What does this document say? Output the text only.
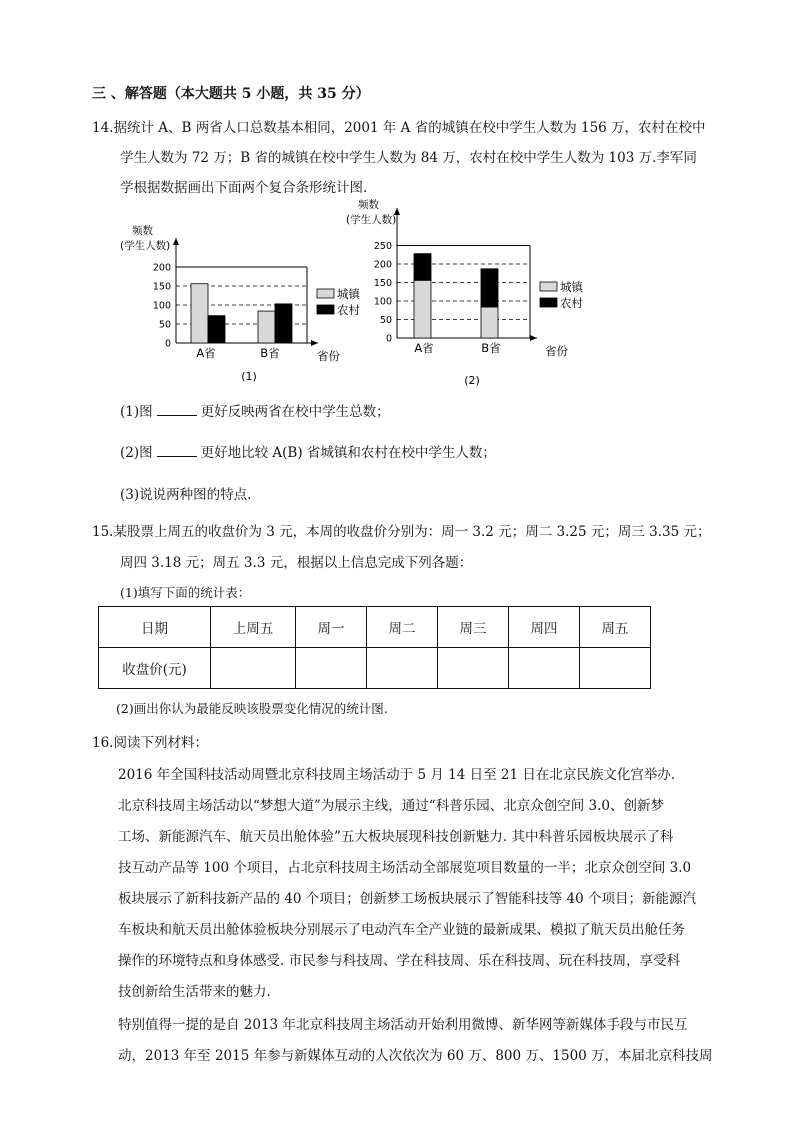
三 、解答题（本大题共 5 小题，共 35 分）
14.据统计 A、B 两省人口总数基本相同，2001 年 A 省的城镇在校中学生人数为 156 万，农村在校中
学生人数为 72 万；B 省的城镇在校中学生人数为 84 万，农村在校中学生人数为 103 万.李军同
学根据数据画出下面两个复合条形统计图.
0
50
100
150
200
频数
(学生人数)
A省	B省	省份
城镇
农村
(1)
0
50
100
150
200
250
频数
(学生人数)
A省	B省	省份
城镇
农村
(2)
(1)图	更好反映两省在校中学生总数；
(2)图	更好地比较 A(B) 省城镇和农村在校中学生人数；
(3)说说两种图的特点.
15.某股票上周五的收盘价为 3 元，本周的收盘价分别为：周一 3.2 元；周二 3.25 元；周三 3.35 元；
周四 3.18 元；周五 3.3 元，根据以上信息完成下列各题：
(1)填写下面的统计表：
日期	上周五	周一	周二	周三	周四	周五
收盘价(元)						
(2)画出你认为最能反映该股票变化情况的统计图.
16.阅读下列材料：
2016 年全国科技活动周暨北京科技周主场活动于 5 月 14 日至 21 日在北京民族文化宫举办.
北京科技周主场活动以“梦想大道”为展示主线，通过“科普乐园、北京众创空间 3.0、创新梦
工场、新能源汽车、航天员出舱体验”五大板块展现科技创新魅力. 其中科普乐园板块展示了科
技互动产品等 100 个项目，占北京科技周主场活动全部展览项目数量的一半；北京众创空间 3.0
板块展示了新科技新产品的 40 个项目；创新梦工场板块展示了智能科技等 40 个项目；新能源汽
车板块和航天员出舱体验板块分别展示了电动汽车全产业链的最新成果、模拟了航天员出舱任务
操作的环境特点和身体感受. 市民参与科技周、学在科技周、乐在科技周、玩在科技周，享受科
技创新给生活带来的魅力.
特别值得一提的是自 2013 年北京科技周主场活动开始利用微博、新华网等新媒体手段与市民互
动，2013 年至 2015 年参与新媒体互动的人次依次为 60 万、800 万、1500 万，本届北京科技周
